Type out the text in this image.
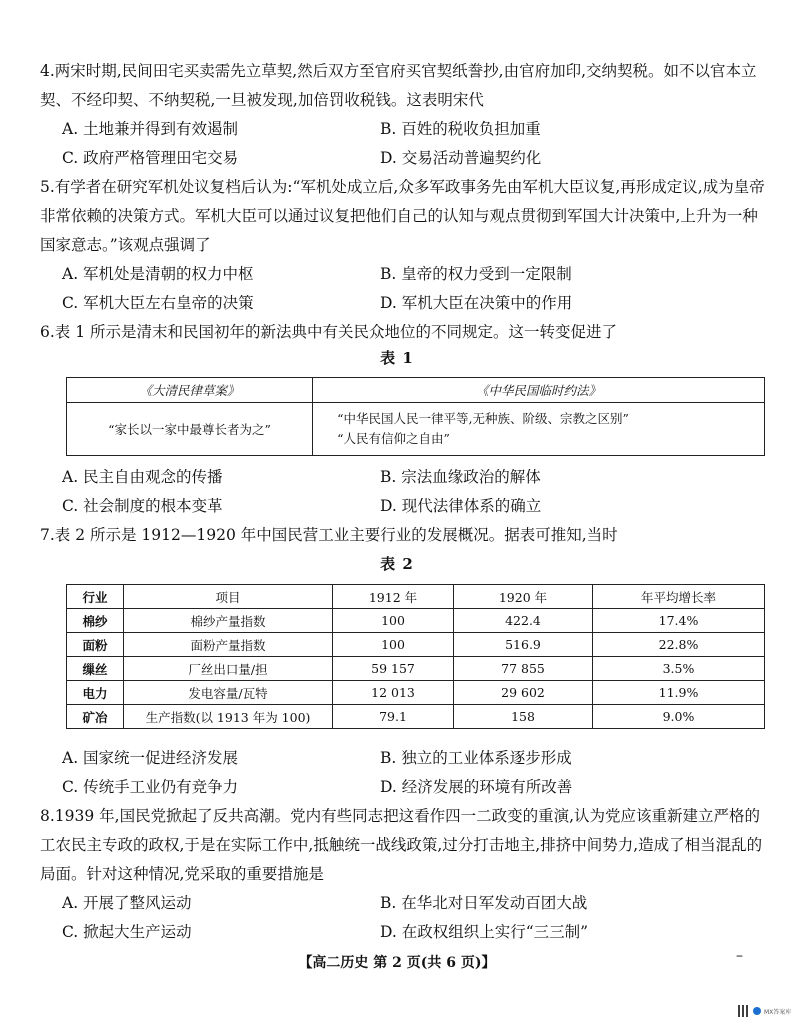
4.两宋时期,民间田宅买卖需先立草契,然后双方至官府买官契纸誊抄,由官府加印,交纳契税。如不以官本立契、不经印契、不纳契税,一旦被发现,加倍罚收税钱。这表明宋代

A. 土地兼并得到有效遏制	B. 百姓的税收负担加重
C. 政府严格管理田宅交易	D. 交易活动普遍契约化

5.有学者在研究军机处议复档后认为:“军机处成立后,众多军政事务先由军机大臣议复,再形成定议,成为皇帝非常依赖的决策方式。军机大臣可以通过议复把他们自己的认知与观点贯彻到军国大计决策中,上升为一种国家意志。”该观点强调了

A. 军机处是清朝的权力中枢	B. 皇帝的权力受到一定限制
C. 军机大臣左右皇帝的决策	D. 军机大臣在决策中的作用

6.表 1 所示是清末和民国初年的新法典中有关民众地位的不同规定。这一转变促进了

表 1
《大清民律草案》	《中华民国临时约法》
“家长以一家中最尊长者为之”	“中华民国人民一律平等,无种族、阶级、宗教之区别”
“人民有信仰之自由”
A. 民主自由观念的传播	B. 宗法血缘政治的解体
C. 社会制度的根本变革	D. 现代法律体系的确立

7.表 2 所示是 1912—1920 年中国民营工业主要行业的发展概况。据表可推知,当时

表 2
行业	项目	1912 年	1920 年	年平均增长率
棉纱	棉纱产量指数	100	422.4	17.4%
面粉	面粉产量指数	100	516.9	22.8%
缫丝	厂丝出口量/担	59 157	77 855	3.5%
电力	发电容量/瓦特	12 013	29 602	11.9%
矿冶	生产指数(以 1913 年为 100)	79.1	158	9.0%
A. 国家统一促进经济发展	B. 独立的工业体系逐步形成
C. 传统手工业仍有竞争力	D. 经济发展的环境有所改善

8.1939 年,国民党掀起了反共高潮。党内有些同志把这看作四一二政变的重演,认为党应该重新建立严格的工农民主专政的政权,于是在实际工作中,抵触统一战线政策,过分打击地主,排挤中间势力,造成了相当混乱的局面。针对这种情况,党采取的重要措施是

A. 开展了整风运动	B. 在华北对日军发动百团大战
C. 掀起大生产运动	D. 在政权组织上实行“三三制”
【高二历史 第 2 页(共 6 页)】	–
MX答案库
